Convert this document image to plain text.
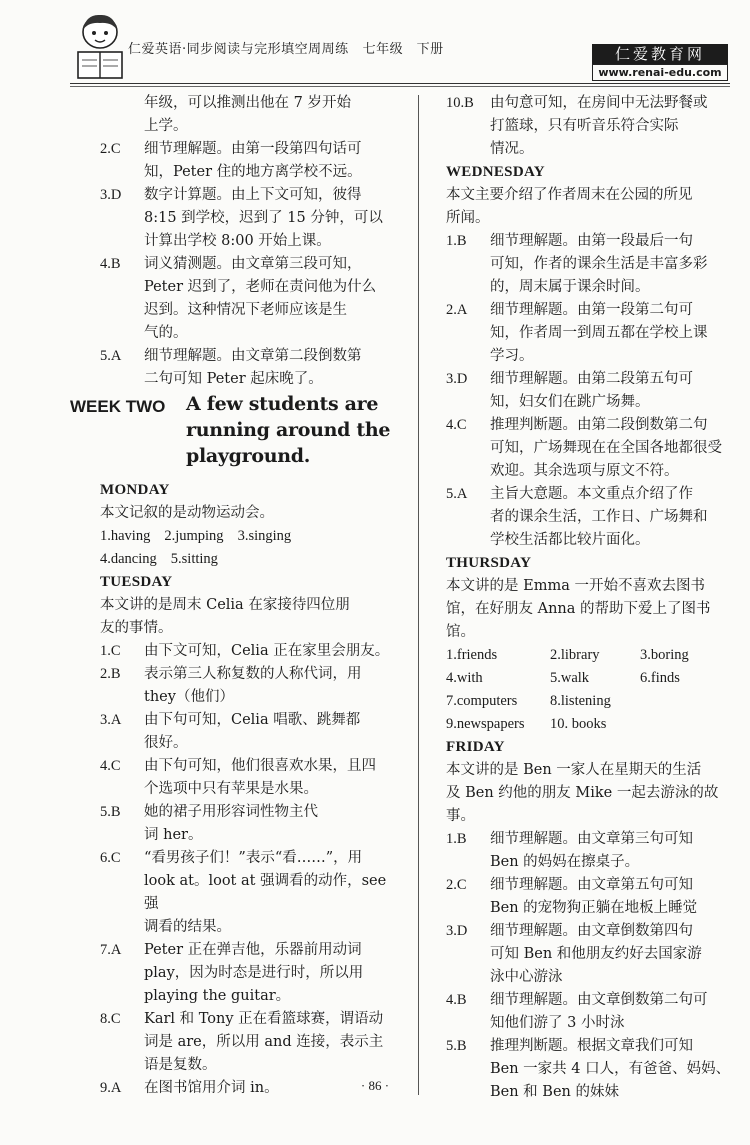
仁爱英语·同步阅读与完形填空周周练 七年级　下册	仁爱教育网
www.renai-edu.com
年级，可以推测出他在 7 岁开始
上学。
2.C	细节理解题。由第一段第四句话可
知，Peter 住的地方离学校不远。
3.D	数字计算题。由上下文可知，彼得
8:15 到学校，迟到了 15 分钟，可以
计算出学校 8:00 开始上课。
4.B	词义猜测题。由文章第三段可知，
Peter 迟到了，老师在责问他为什么
迟到。这种情况下老师应该是生
气的。
5.A	细节理解题。由文章第二段倒数第
二句可知 Peter 起床晚了。
WEEK TWO A few students are running around the playground.
MONDAY
本文记叙的是动物运动会。
1.having 2.jumping 3.singing
4.dancing 5.sitting
TUESDAY
本文讲的是周末 Celia 在家接待四位朋
友的事情。
1.C	由下文可知，Celia 正在家里会朋友。
2.B	表示第三人称复数的人称代词，用
they（他们）
3.A	由下句可知，Celia 唱歌、跳舞都
很好。
4.C	由下句可知，他们很喜欢水果，且四
个选项中只有苹果是水果。
5.B	她的裙子用形容词性物主代
词 her。
6.C	“看男孩子们！”表示“看……”，用
look at。loot at 强调看的动作，see 强
调看的结果。
7.A	Peter 正在弹吉他，乐器前用动词
play，因为时态是进行时，所以用
playing the guitar。
8.C	Karl 和 Tony 正在看篮球赛，谓语动
词是 are，所以用 and 连接，表示主
语是复数。
9.A	在图书馆用介词 in。
10.B	由句意可知，在房间中无法野餐或
打篮球，只有听音乐符合实际
情况。
WEDNESDAY
本文主要介绍了作者周末在公园的所见
所闻。
1.B	细节理解题。由第一段最后一句
可知，作者的课余生活是丰富多彩
的，周末属于课余时间。
2.A	细节理解题。由第一段第二句可
知，作者周一到周五都在学校上课
学习。
3.D	细节理解题。由第二段第五句可
知，妇女们在跳广场舞。
4.C	推理判断题。由第二段倒数第二句
可知，广场舞现在在全国各地都很受
欢迎。其余选项与原文不符。
5.A	主旨大意题。本文重点介绍了作
者的课余生活，工作日、广场舞和
学校生活都比较片面化。
THURSDAY
本文讲的是 Emma 一开始不喜欢去图书
馆，在好朋友 Anna 的帮助下爱上了图书馆。
1.friends	2.library	3.boring
4.with	5.walk	6.finds
7.computers	8.listening
9.newspapers	10. books
FRIDAY
本文讲的是 Ben 一家人在星期天的生活
及 Ben 约他的朋友 Mike 一起去游泳的故事。
1.B	细节理解题。由文章第三句可知
Ben 的妈妈在擦桌子。
2.C	细节理解题。由文章第五句可知
Ben 的宠物狗正躺在地板上睡觉
3.D	细节理解题。由文章倒数第四句
可知 Ben 和他朋友约好去国家游
泳中心游泳
4.B	细节理解题。由文章倒数第二句可
知他们游了 3 小时泳
5.B	推理判断题。根据文章我们可知
Ben 一家共 4 口人，有爸爸、妈妈、
Ben 和 Ben 的妹妹
· 86 ·
